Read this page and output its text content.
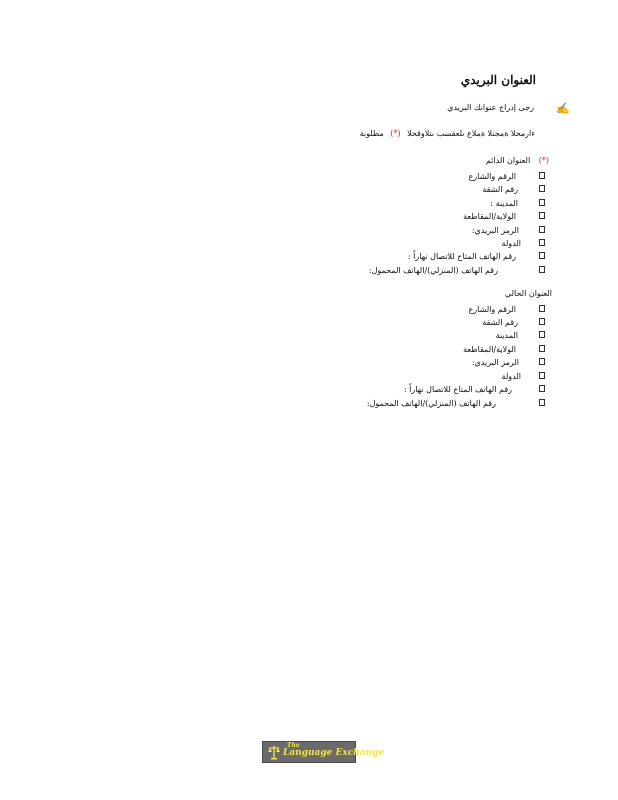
العنوان البريدي
✍
رجى إدراج عنوانك البريدي
ءارمحلا ةمجنلا ةملاع ىلعقسب ىتلاوقحلا (*) مطلوبة
العنوان الدائم (*)
الرقم والشارع
رقم الشقة
المدينة :
الولاية/المقاطعة
الرمز البريدي:
الدولة
رقم الهاتف المتاح للاتصال نهاراً :
رقم الهاتف (المنزلي)/الهاتف المحمول:
العنوان الحالي
الرقم والشارع
رقم الشقة
المدينة
الولاية/المقاطعة
الرمز البريدي:
الدولة
رقم الهاتف المتاح للاتصال نهاراً :
رقم الهاتف (المنزلي)/الهاتف المحمول:
The
Language Exchange
